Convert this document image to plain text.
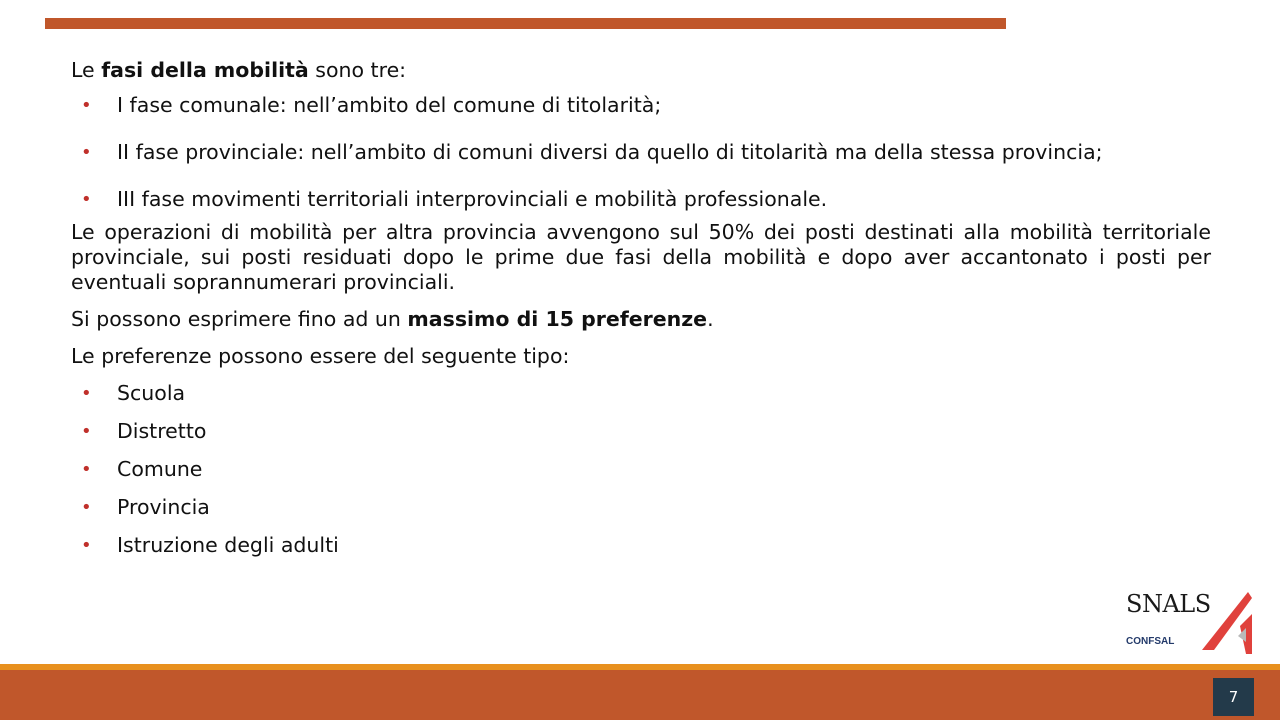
Le fasi della mobilità sono tre:

• I fase comunale: nell’ambito del comune di titolarità;
• II fase provinciale: nell’ambito di comuni diversi da quello di titolarità ma della stessa provincia;
• III fase movimenti territoriali interprovinciali e mobilità professionale.

Le operazioni di mobilità per altra provincia avvengono sul 50% dei posti destinati alla mobilità territoriale provinciale, sui posti residuati dopo le prime due fasi della mobilità e dopo aver accantonato i posti per eventuali soprannumerari provinciali.

Si possono esprimere fino ad un massimo di 15 preferenze.

Le preferenze possono essere del seguente tipo:

• Scuola
• Distretto
• Comune
• Provincia
• Istruzione degli adulti
SNALS
CONFSAL
7
